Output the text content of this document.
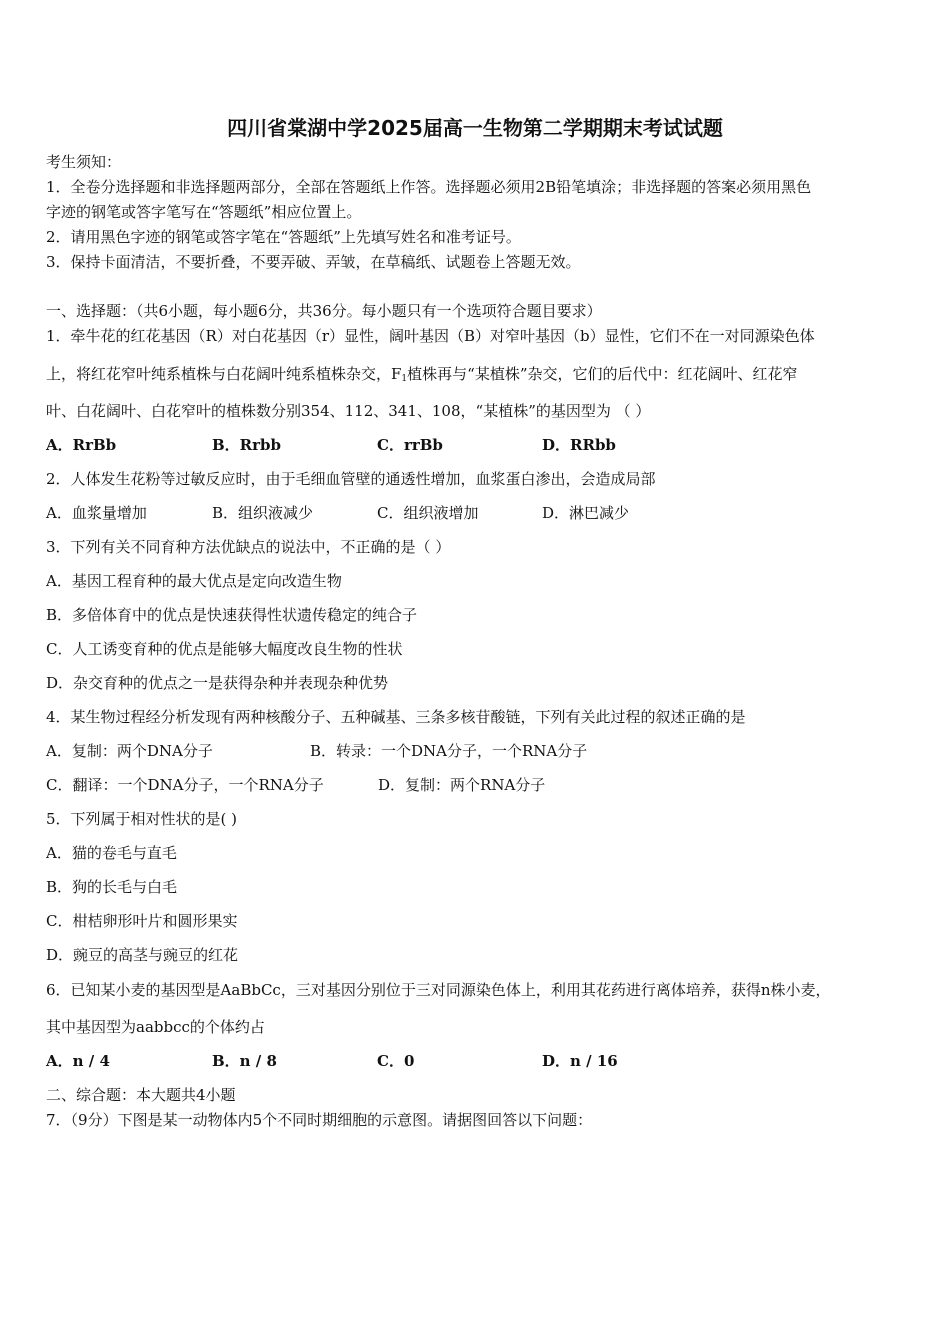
四川省棠湖中学2025届高一生物第二学期期末考试试题
考生须知：
1．全卷分选择题和非选择题两部分，全部在答题纸上作答。选择题必须用2B铅笔填涂；非选择题的答案必须用黑色
字迹的钢笔或答字笔写在“答题纸”相应位置上。
2．请用黑色字迹的钢笔或答字笔在“答题纸”上先填写姓名和准考证号。
3．保持卡面清洁，不要折叠，不要弄破、弄皱，在草稿纸、试题卷上答题无效。
一、选择题：（共6小题，每小题6分，共36分。每小题只有一个选项符合题目要求）
1．牵牛花的红花基因（R）对白花基因（r）显性，阔叶基因（B）对窄叶基因（b）显性，它们不在一对同源染色体
上，将红花窄叶纯系植株与白花阔叶纯系植株杂交，$F_1$植株再与“某植株”杂交，它们的后代中：红花阔叶、红花窄
叶、白花阔叶、白花窄叶的植株数分别354、112、341、108，“某植株”的基因型为 （ ）
A．RrBb	B．Rrbb	C．rrBb	D．RRbb
2．人体发生花粉等过敏反应时，由于毛细血管壁的通透性增加，血浆蛋白渗出，会造成局部
A．血浆量增加	B．组织液减少	C．组织液增加	D．淋巴减少
3．下列有关不同育种方法优缺点的说法中，不正确的是（ ）
A．基因工程育种的最大优点是定向改造生物
B．多倍体育中的优点是快速获得性状遗传稳定的纯合子
C．人工诱变育种的优点是能够大幅度改良生物的性状
D．杂交育种的优点之一是获得杂种并表现杂种优势
4．某生物过程经分析发现有两种核酸分子、五种碱基、三条多核苷酸链，下列有关此过程的叙述正确的是
A．复制：两个DNA分子	B．转录：一个DNA分子，一个RNA分子
C．翻译：一个DNA分子，一个RNA分子	D．复制：两个RNA分子
5．下列属于相对性状的是( )
A．猫的卷毛与直毛
B．狗的长毛与白毛
C．柑桔卵形叶片和圆形果实
D．豌豆的高茎与豌豆的红花
6．已知某小麦的基因型是AaBbCc，三对基因分别位于三对同源染色体上，利用其花药进行离体培养，获得n株小麦，
其中基因型为aabbcc的个体约占
A．n / 4	B．n / 8	C．0	D．n / 16
二、综合题：本大题共4小题
7．（9分）下图是某一动物体内5个不同时期细胞的示意图。请据图回答以下问题：
